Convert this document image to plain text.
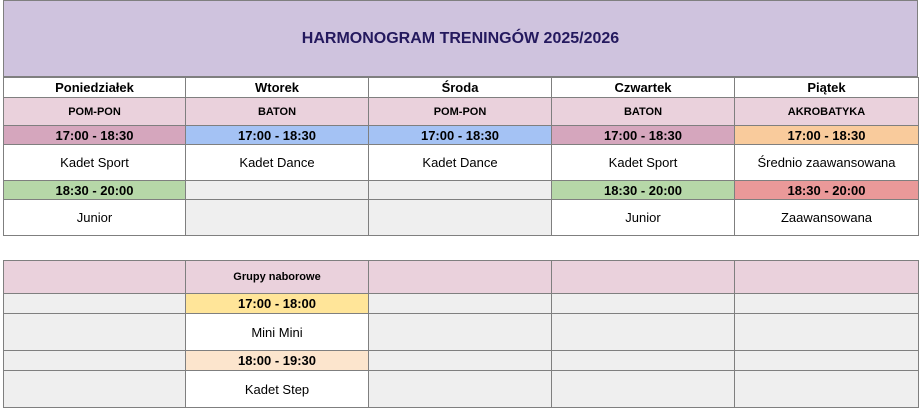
HARMONOGRAM TRENINGÓW 2025/2026
Poniedziałek	Wtorek	Środa	Czwartek	Piątek
POM-PON	BATON	POM-PON	BATON	AKROBATYKA
17:00 - 18:30	17:00 - 18:30	17:00 - 18:30	17:00 - 18:30	17:00 - 18:30
Kadet Sport	Kadet Dance	Kadet Dance	Kadet Sport	Średnio zaawansowana
18:30 - 20:00			18:30 - 20:00	18:30 - 20:00
Junior			Junior	Zaawansowana
	Grupy naborowe			
	17:00 - 18:00			
	Mini Mini			
	18:00 - 19:30			
	Kadet Step			
